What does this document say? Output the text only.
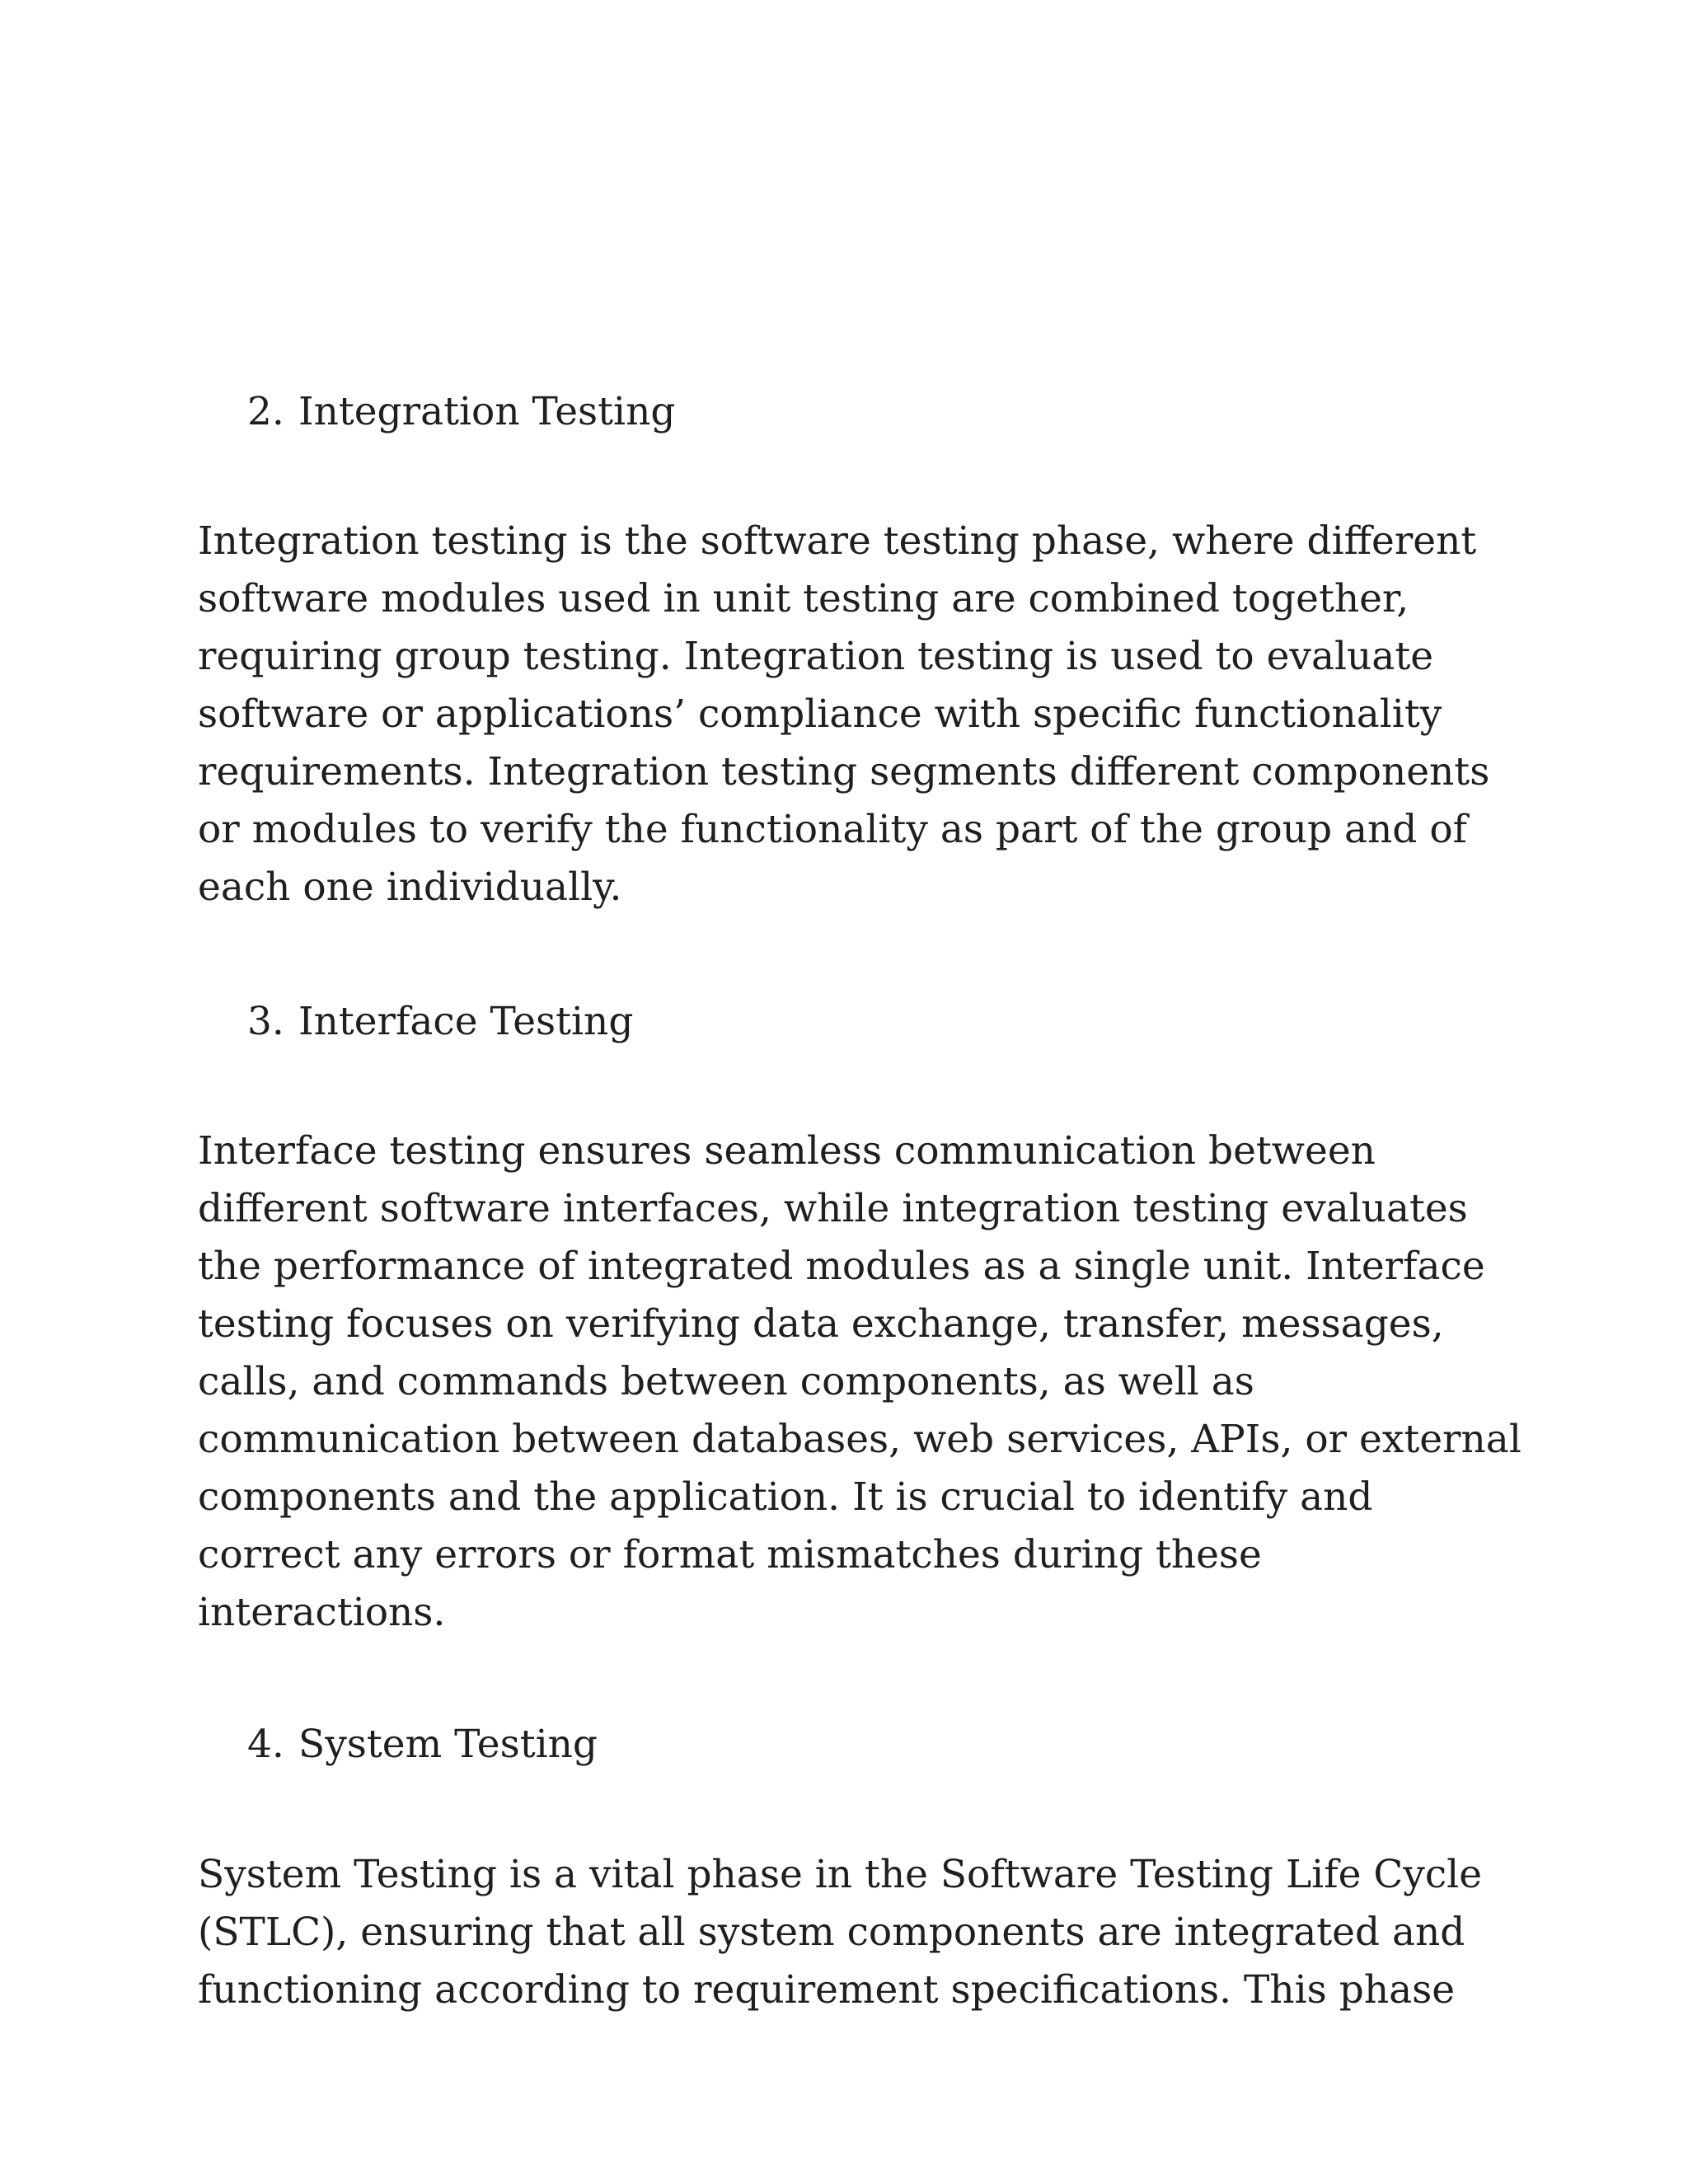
2. Integration Testing

Integration testing is the software testing phase, where different
software modules used in unit testing are combined together,
requiring group testing. Integration testing is used to evaluate
software or applications’ compliance with specific functionality
requirements. Integration testing segments different components
or modules to verify the functionality as part of the group and of
each one individually.

3. Interface Testing

Interface testing ensures seamless communication between
different software interfaces, while integration testing evaluates
the performance of integrated modules as a single unit. Interface
testing focuses on verifying data exchange, transfer, messages,
calls, and commands between components, as well as
communication between databases, web services, APIs, or external
components and the application. It is crucial to identify and
correct any errors or format mismatches during these
interactions.

4. System Testing

System Testing is a vital phase in the Software Testing Life Cycle
(STLC), ensuring that all system components are integrated and
functioning according to requirement specifications. This phase
